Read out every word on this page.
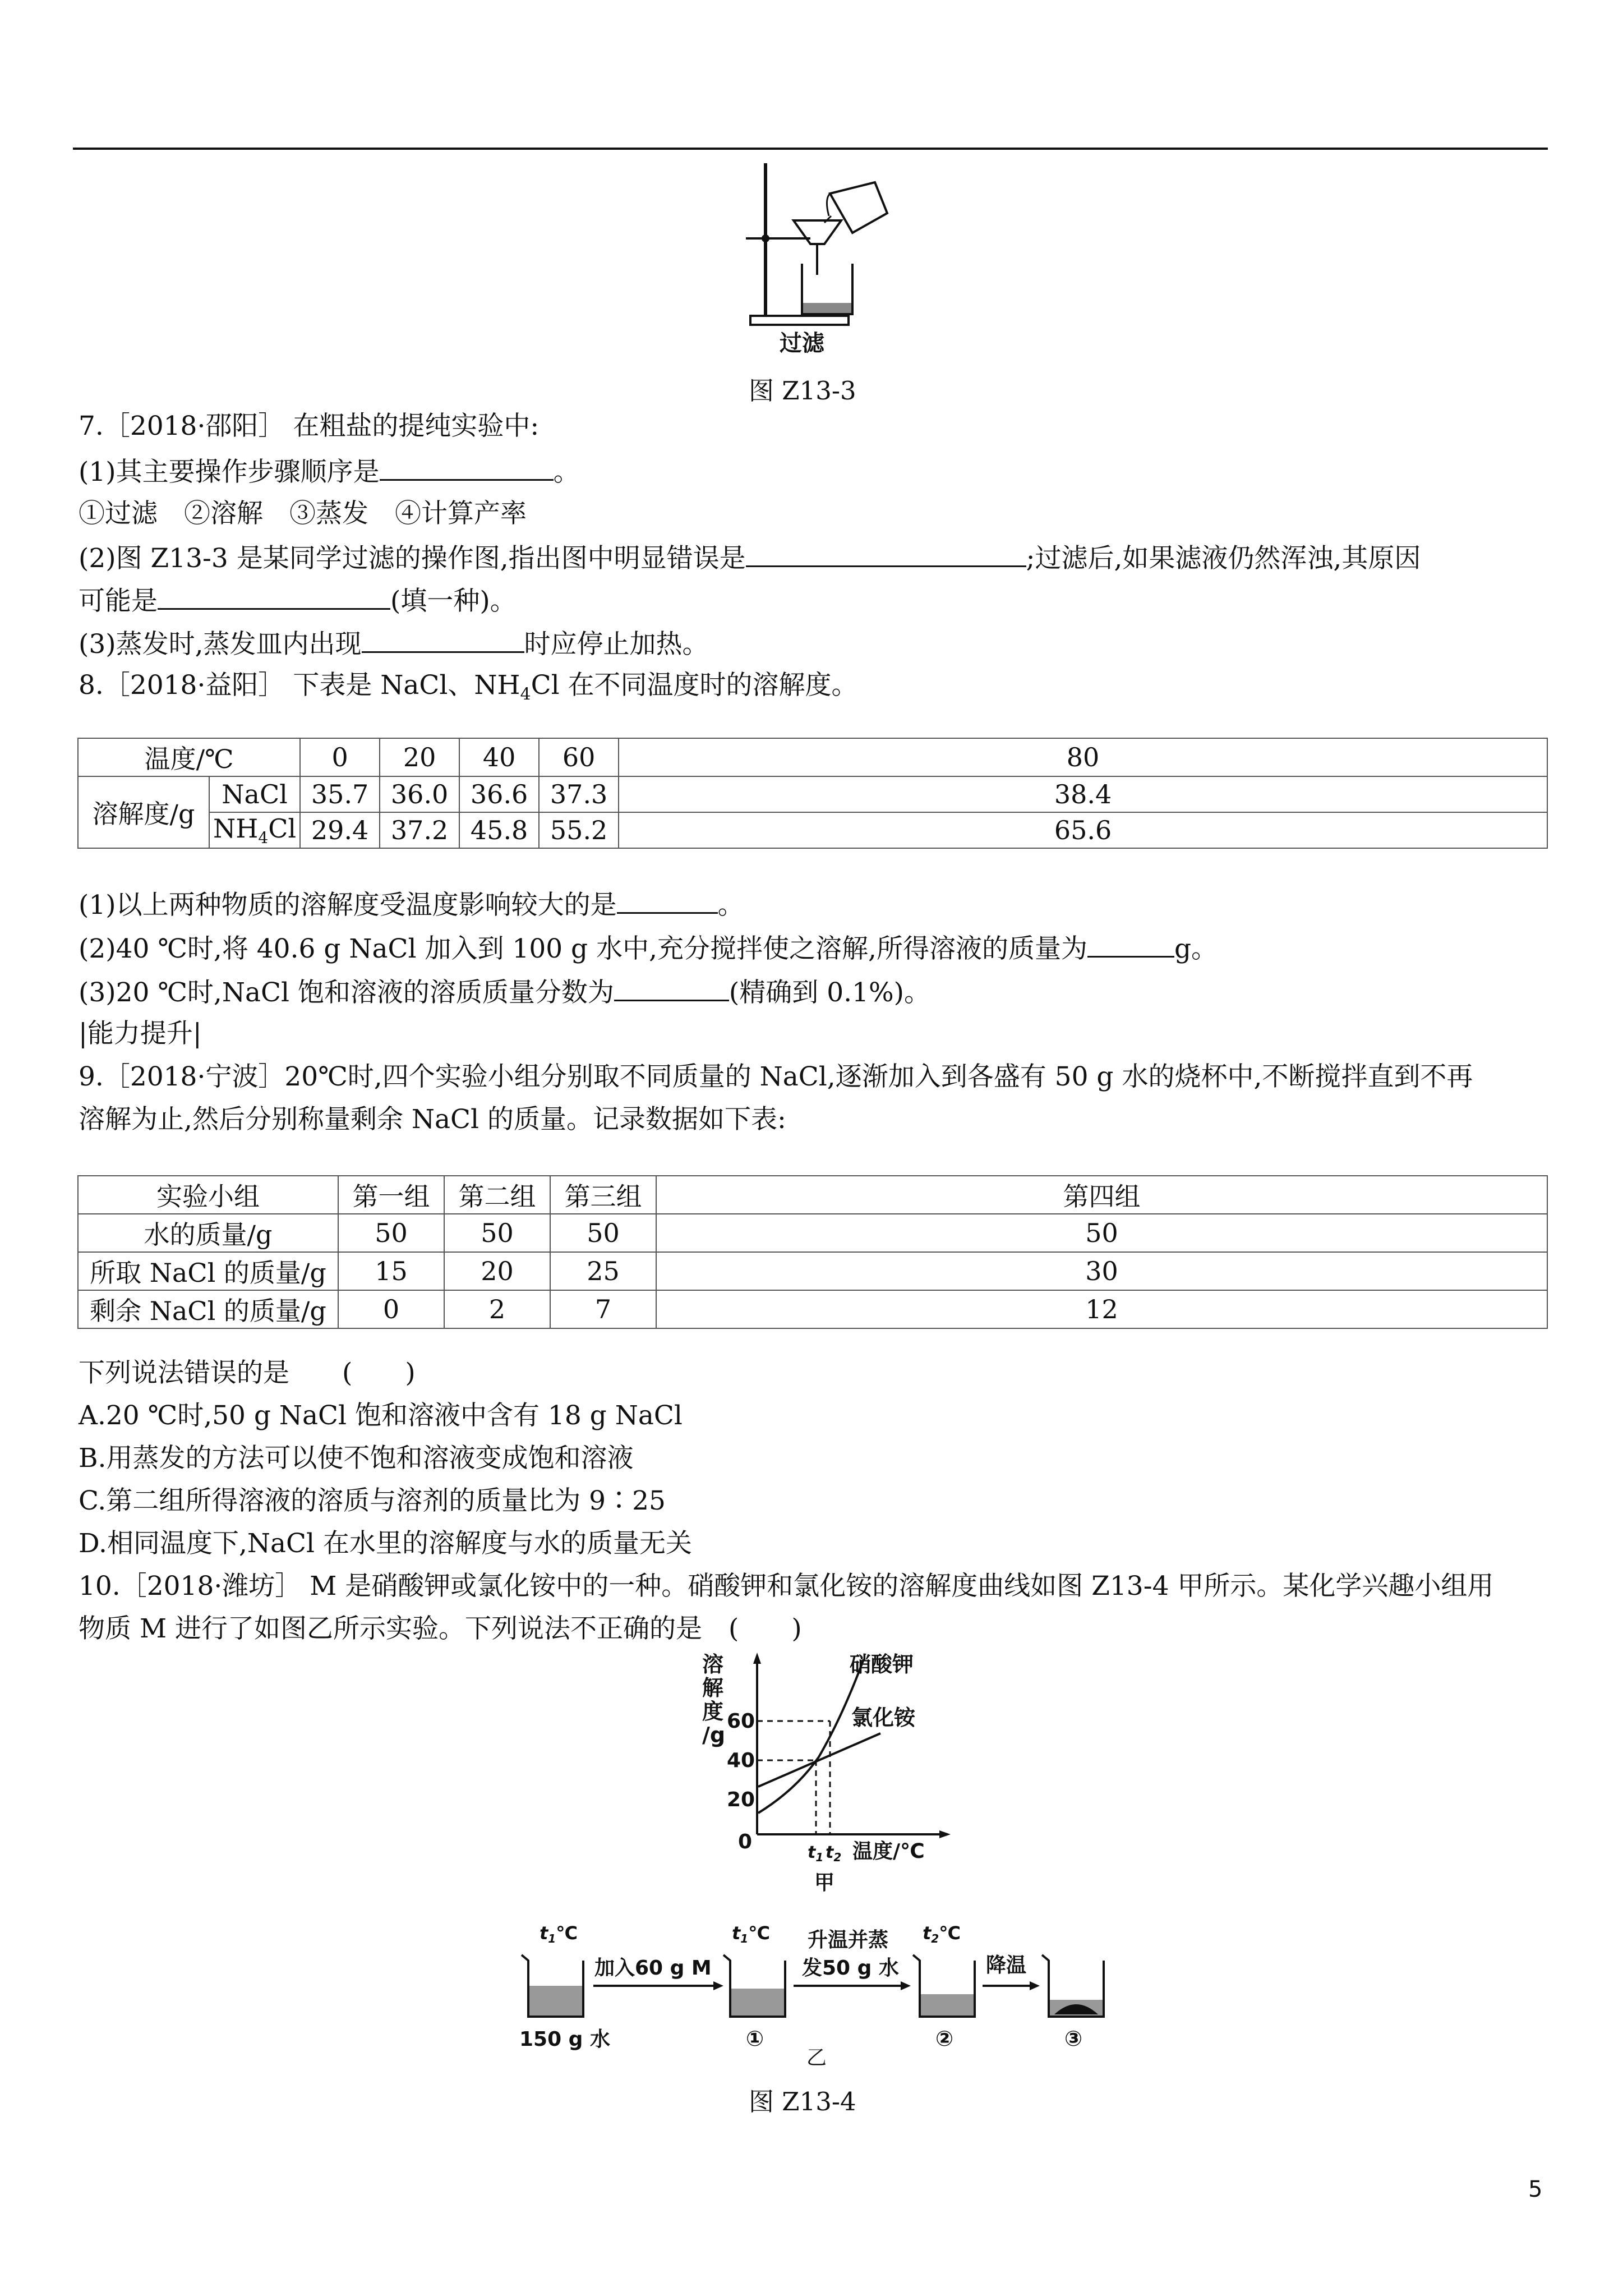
过滤
图 Z13-3
7.［2018·邵阳］ 在粗盐的提纯实验中:
(1)其主要操作步骤顺序是	。
①过滤　②溶解　③蒸发　④计算产率
(2)图 Z13-3 是某同学过滤的操作图,指出图中明显错误是	;过滤后,如果滤液仍然浑浊,其原因
可能是	(填一种)。
(3)蒸发时,蒸发皿内出现	时应停止加热。
8.［2018·益阳］ 下表是 NaCl、$NH_4Cl$ 在不同温度时的溶解度。
温度/℃		0	20	40	60	80
溶解度/g	NaCl	35.7	36.0	36.6	37.3	38.4
	$NH_4Cl$	29.4	37.2	45.8	55.2	65.6
(1)以上两种物质的溶解度受温度影响较大的是	。
(2)40 ℃时,将 40.6 g NaCl 加入到 100 g 水中,充分搅拌使之溶解,所得溶液的质量为	g。
(3)20 ℃时,NaCl 饱和溶液的溶质质量分数为	(精确到 0.1%)。
|能力提升|
9.［2018·宁波］20℃时,四个实验小组分别取不同质量的 NaCl,逐渐加入到各盛有 50 g 水的烧杯中,不断搅拌直到不再
溶解为止,然后分别称量剩余 NaCl 的质量。记录数据如下表:
实验小组	第一组	第二组	第三组	第四组
水的质量/g	50	50	50	50
所取 NaCl 的质量/g	15	20	25	30
剩余 NaCl 的质量/g	0	2	7	12
下列说法错误的是　　(　　)
A.20 ℃时,50 g NaCl 饱和溶液中含有 18 g NaCl
B.用蒸发的方法可以使不饱和溶液变成饱和溶液
C.第二组所得溶液的溶质与溶剂的质量比为 9∶25
D.相同温度下,NaCl 在水里的溶解度与水的质量无关
10.［2018·潍坊］ M 是硝酸钾或氯化铵中的一种。硝酸钾和氯化铵的溶解度曲线如图 Z13-4 甲所示。某化学兴趣小组用
物质 M 进行了如图乙所示实验。下列说法不正确的是　(　　)
溶
解
度
/g
60
40
20
0
硝酸钾
氯化铵
$t_1$ $t_2$ 温度/℃
甲
t1℃
150 g 水
加入60 g M
t1℃
①
升温并蒸
发50 g 水
t2℃
②
降温
③
乙
图 Z13-4
5
